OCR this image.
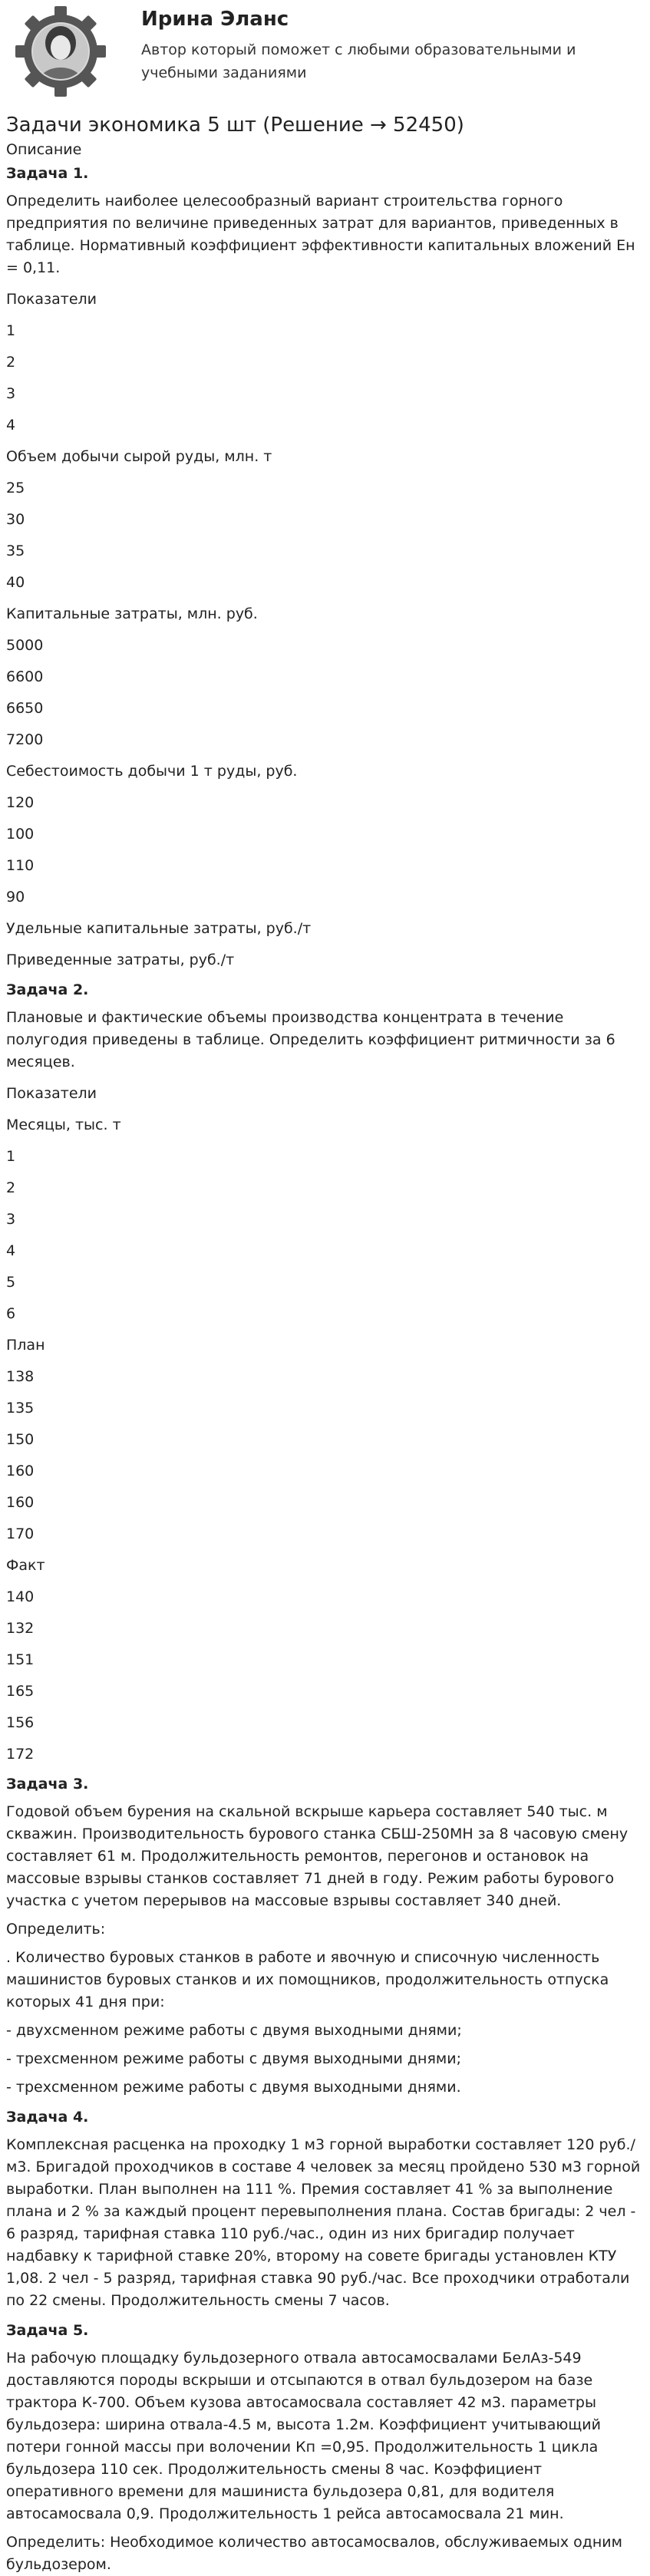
Ирина Эланс

Автор который поможет с любыми образовательными и учебными заданиями

Задачи экономика 5 шт (Решение → 52450)

Описание

Задача 1.

Определить наиболее целесообразный вариант строительства горного предприятия по величине приведенных затрат для вариантов, приведенных в таблице. Нормативный коэффициент эффективности капитальных вложений Ен = 0,11.

Показатели

1

2

3

4

Объем добычи сырой руды, млн. т

25

30

35

40

Капитальные затраты, млн. руб.

5000

6600

6650

7200

Себестоимость добычи 1 т руды, руб.

120

100

110

90

Удельные капитальные затраты, руб./т

Приведенные затраты, руб./т

Задача 2.

Плановые и фактические объемы производства концентрата в течение полугодия приведены в таблице. Определить коэффициент ритмичности за 6 месяцев.

Показатели

Месяцы, тыс. т

1

2

3

4

5

6

План

138

135

150

160

160

170

Факт

140

132

151

165

156

172

Задача 3.

Годовой объем бурения на скальной вскрыше карьера составляет 540 тыс. м скважин. Производительность бурового станка СБШ-250МН за 8 часовую смену составляет 61 м. Продолжительность ремонтов, перегонов и остановок на массовые взрывы станков составляет 71 дней в году. Режим работы бурового участка с учетом перерывов на массовые взрывы составляет 340 дней.

Определить:

. Количество буровых станков в работе и явочную и списочную численность машинистов буровых станков и их помощников, продолжительность отпуска которых 41 дня при:

- двухсменном режиме работы с двумя выходными днями;

- трехсменном режиме работы с двумя выходными днями;

- трехсменном режиме работы с двумя выходными днями.

Задача 4.

Комплексная расценка на проходку 1 м3 горной выработки составляет 120 руб./м3. Бригадой проходчиков в составе 4 человек за месяц пройдено 530 м3 горной выработки. План выполнен на 111 %. Премия составляет 41 % за выполнение плана и 2 % за каждый процент перевыполнения плана. Состав бригады: 2 чел - 6 разряд, тарифная ставка 110 руб./час., один из них бригадир получает надбавку к тарифной ставке 20%, второму на совете бригады установлен КТУ 1,08. 2 чел - 5 разряд, тарифная ставка 90 руб./час. Все проходчики отработали по 22 смены. Продолжительность смены 7 часов.

Задача 5.

На рабочую площадку бульдозерного отвала автосамосвалами БелАз-549 доставляются породы вскрыши и отсыпаются в отвал бульдозером на базе трактора К-700. Объем кузова автосамосвала составляет 42 м3. параметры бульдозера: ширина отвала-4.5 м, высота 1.2м. Коэффициент учитывающий потери гонной массы при волочении Кп =0,95. Продолжительность 1 цикла бульдозера 110 сек. Продолжительность смены 8 час. Коэффициент оперативного времени для машиниста бульдозера 0,81, для водителя автосамосвала 0,9. Продолжительность 1 рейса автосамосвала 21 мин.

Определить: Необходимое количество автосамосвалов, обслуживаемых одним бульдозером.
